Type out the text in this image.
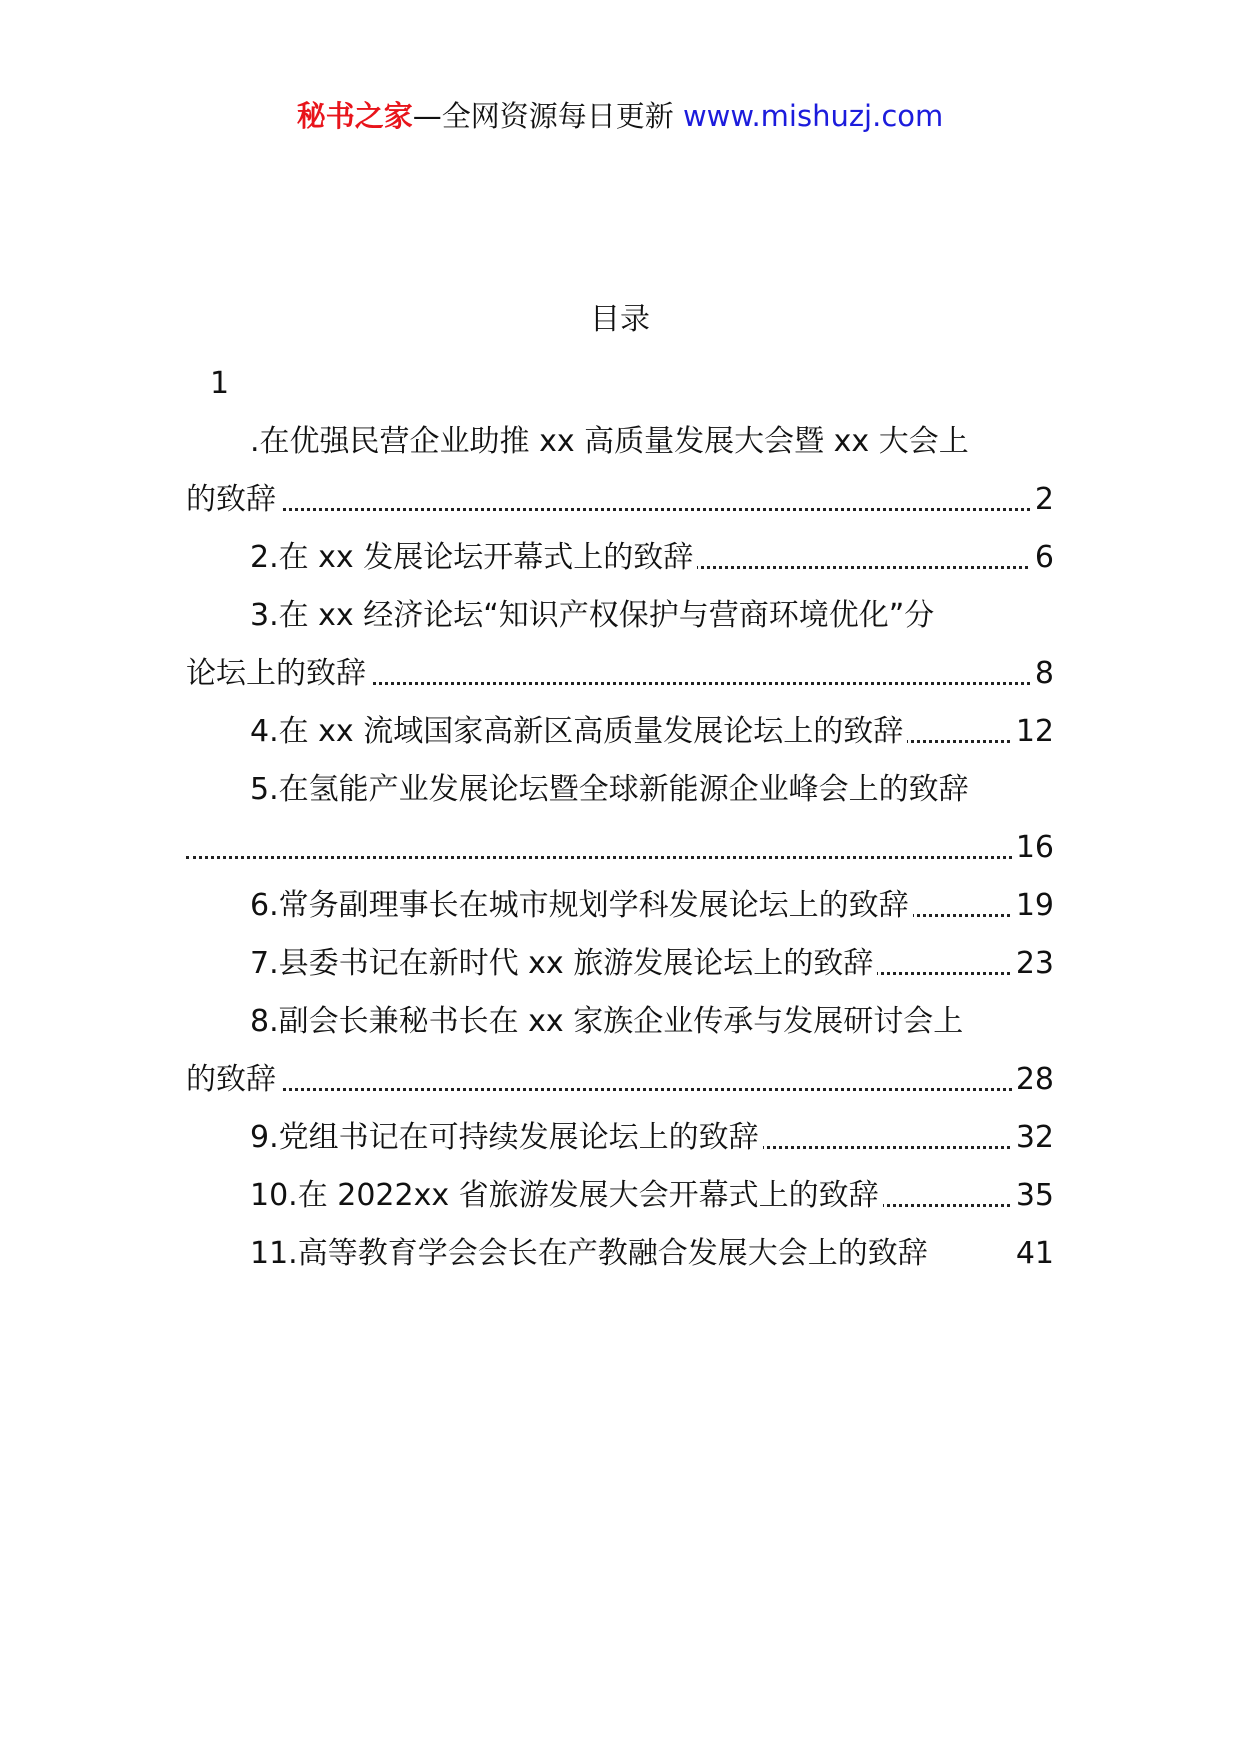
秘书之家—全网资源每日更新 www.mishuzj.com
目录
1
.在优强民营企业助推 xx 高质量发展大会暨 xx 大会上
的致辞	2
2.在 xx 发展论坛开幕式上的致辞	6
3.在 xx 经济论坛“知识产权保护与营商环境优化”分
论坛上的致辞	8
4.在 xx 流域国家高新区高质量发展论坛上的致辞	12
5.在氢能产业发展论坛暨全球新能源企业峰会上的致辞
16
6.常务副理事长在城市规划学科发展论坛上的致辞	19
7.县委书记在新时代 xx 旅游发展论坛上的致辞	23
8.副会长兼秘书长在 xx 家族企业传承与发展研讨会上
的致辞	28
9.党组书记在可持续发展论坛上的致辞	32
10.在 2022xx 省旅游发展大会开幕式上的致辞	35
11.高等教育学会会长在产教融合发展大会上的致辞	41
